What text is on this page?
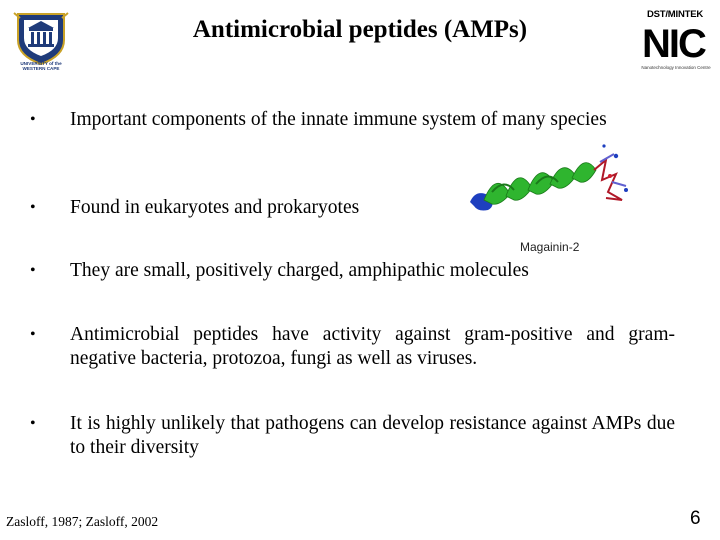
Antimicrobial peptides (AMPs)
UNIVERSITY of the
WESTERN CAPE
DST/MINTEK
NIC
Nanotechnology Innovation Centre
• Important components of the innate immune system of many species
• Found in eukaryotes and prokaryotes
• They are small, positively charged, amphipathic molecules
• Antimicrobial peptides have activity against gram-positive and gram-negative bacteria, protozoa, fungi as well as viruses.
• It is highly unlikely that pathogens can develop resistance against AMPs due to their diversity
Magainin-2
Zasloff, 1987; Zasloff, 2002	6
